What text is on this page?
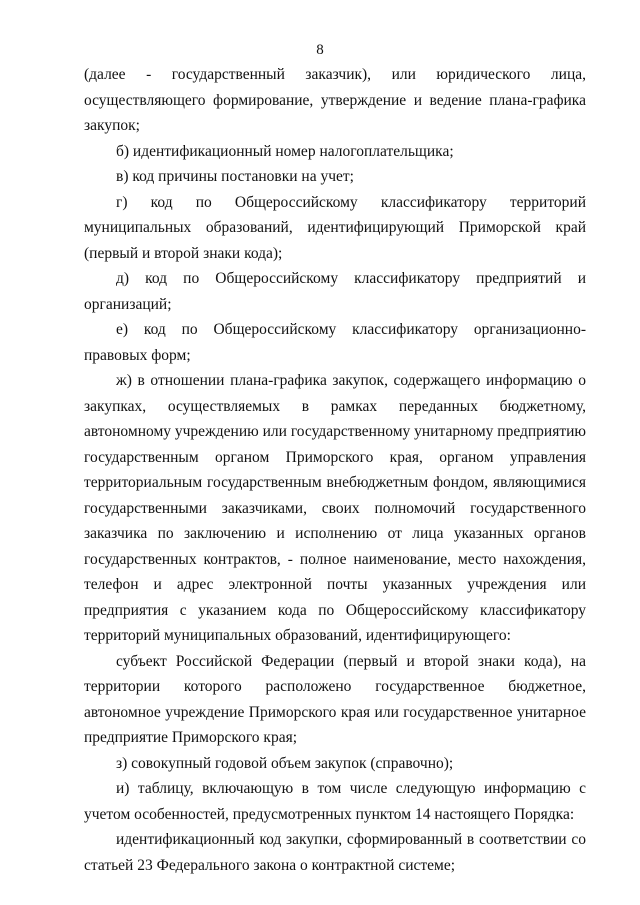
8

(далее - государственный заказчик), или юридического лица, осуществляющего формирование, утверждение и ведение плана-графика закупок;

б) идентификационный номер налогоплательщика;

в) код причины постановки на учет;

г) код по Общероссийскому классификатору территорий муниципальных образований, идентифицирующий Приморской край (первый и второй знаки кода);

д) код по Общероссийскому классификатору предприятий и организаций;

е) код по Общероссийскому классификатору организационно-правовых форм;

ж) в отношении плана-графика закупок, содержащего информацию о закупках, осуществляемых в рамках переданных бюджетному, автономному учреждению или государственному унитарному предприятию государственным органом Приморского края, органом управления территориальным государственным внебюджетным фондом, являющимися государственными заказчиками, своих полномочий государственного заказчика по заключению и исполнению от лица указанных органов государственных контрактов, - полное наименование, место нахождения, телефон и адрес электронной почты указанных учреждения или предприятия с указанием кода по Общероссийскому классификатору территорий муниципальных образований, идентифицирующего:

субъект Российской Федерации (первый и второй знаки кода), на территории которого расположено государственное бюджетное, автономное учреждение Приморского края или государственное унитарное предприятие Приморского края;

з) совокупный годовой объем закупок (справочно);

и) таблицу, включающую в том числе следующую информацию с учетом особенностей, предусмотренных пунктом 14 настоящего Порядка:

идентификационный код закупки, сформированный в соответствии со статьей 23 Федерального закона о контрактной системе;
